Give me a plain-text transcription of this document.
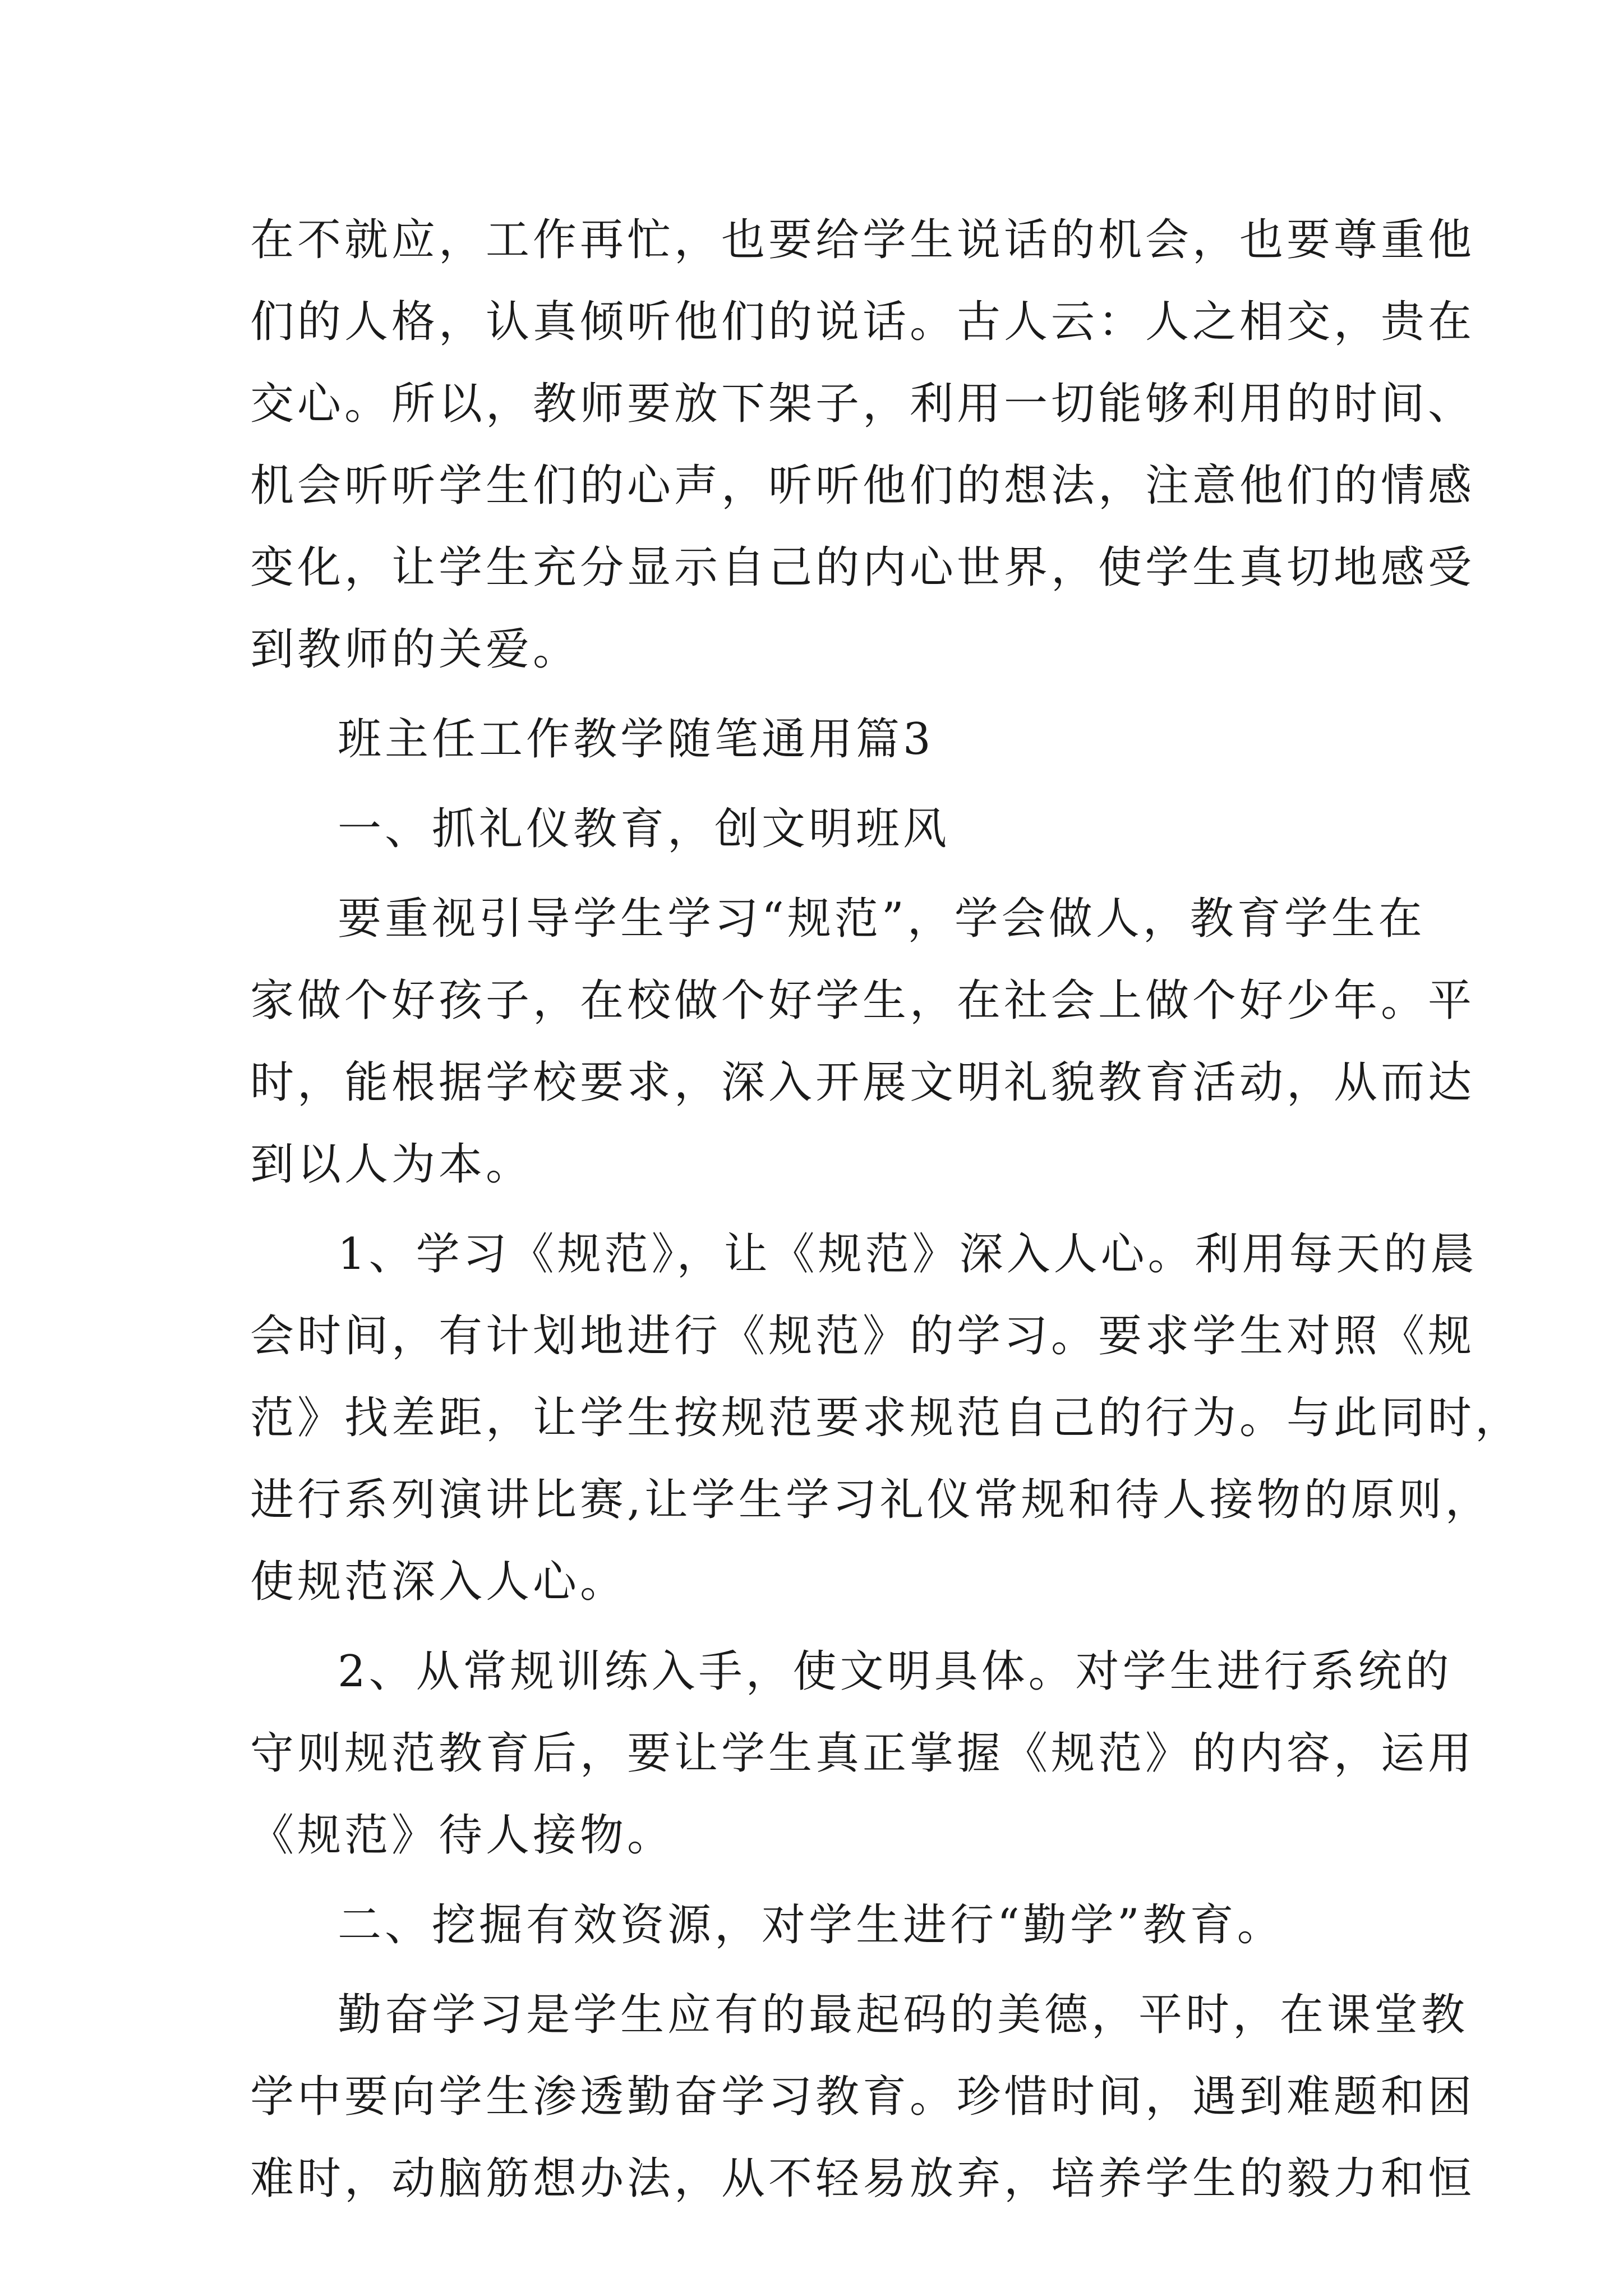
在不就应，工作再忙，也要给学生说话的机会，也要尊重他
们的人格，认真倾听他们的说话。古人云：人之相交，贵在
交心。所以，教师要放下架子，利用一切能够利用的时间、
机会听听学生们的心声，听听他们的想法，注意他们的情感
变化，让学生充分显示自己的内心世界，使学生真切地感受
到教师的关爱。
班主任工作教学随笔通用篇3
一、抓礼仪教育，创文明班风
要重视引导学生学习“规范”，学会做人，教育学生在
家做个好孩子，在校做个好学生，在社会上做个好少年。平
时，能根据学校要求，深入开展文明礼貌教育活动，从而达
到以人为本。
1、学习《规范》，让《规范》深入人心。利用每天的晨
会时间，有计划地进行《规范》的学习。要求学生对照《规
范》找差距，让学生按规范要求规范自己的行为。与此同时，
进行系列演讲比赛,让学生学习礼仪常规和待人接物的原则，
使规范深入人心。
2、从常规训练入手，使文明具体。对学生进行系统的
守则规范教育后，要让学生真正掌握《规范》的内容，运用
《规范》待人接物。
二、挖掘有效资源，对学生进行“勤学”教育。
勤奋学习是学生应有的最起码的美德，平时，在课堂教
学中要向学生渗透勤奋学习教育。珍惜时间，遇到难题和困
难时，动脑筋想办法，从不轻易放弃，培养学生的毅力和恒
